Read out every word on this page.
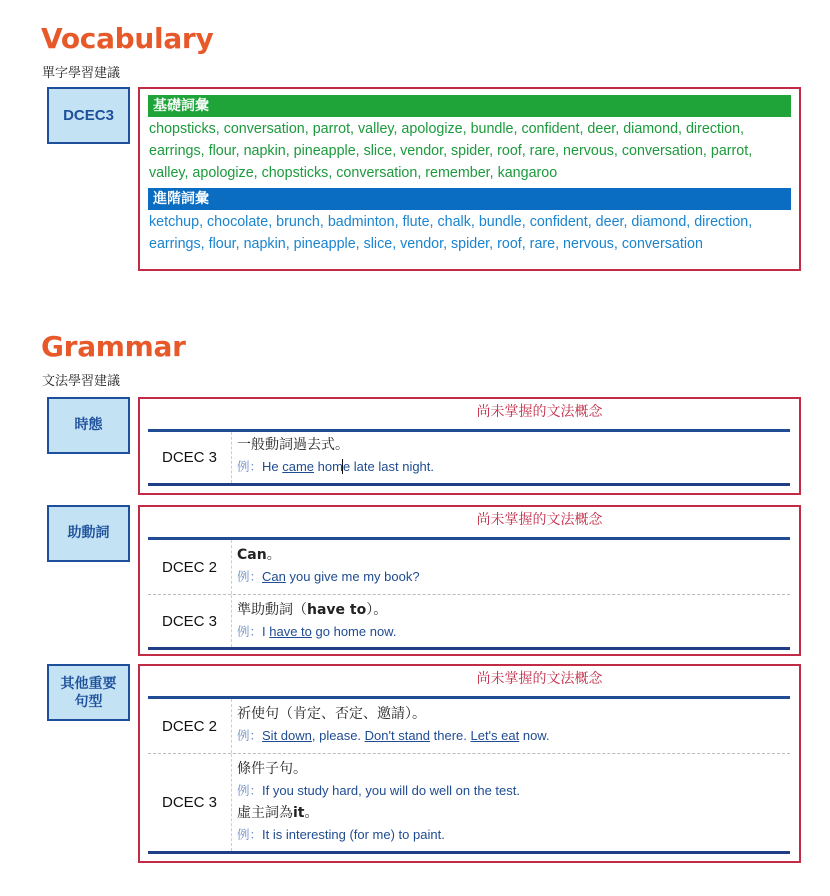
Vocabulary
單字學習建議
DCEC3
基礎詞彙
chopsticks, conversation, parrot, valley, apologize, bundle, confident, deer, diamond, direction, earrings, flour, napkin, pineapple, slice, vendor, spider, roof, rare, nervous, conversation, parrot, valley, apologize, chopsticks, conversation, remember, kangaroo
進階詞彙
ketchup, chocolate, brunch, badminton, flute, chalk, bundle, confident, deer, diamond, direction, earrings, flour, napkin, pineapple, slice, vendor, spider, roof, rare, nervous, conversation
Grammar
文法學習建議
時態
尚未掌握的文法概念
DCEC 3
一般動詞過去式。
例：He came home late last night.
助動詞
尚未掌握的文法概念
DCEC 2
Can。
例：Can you give me my book?
DCEC 3
準助動詞（have to）。
例：I have to go home now.
其他重要
句型
尚未掌握的文法概念
DCEC 2
祈使句（肯定、否定、邀請）。
例：Sit down, please. Don't stand there. Let's eat now.
DCEC 3
條件子句。
例：If you study hard, you will do well on the test.
虛主詞為it。
例：It is interesting (for me) to paint.
